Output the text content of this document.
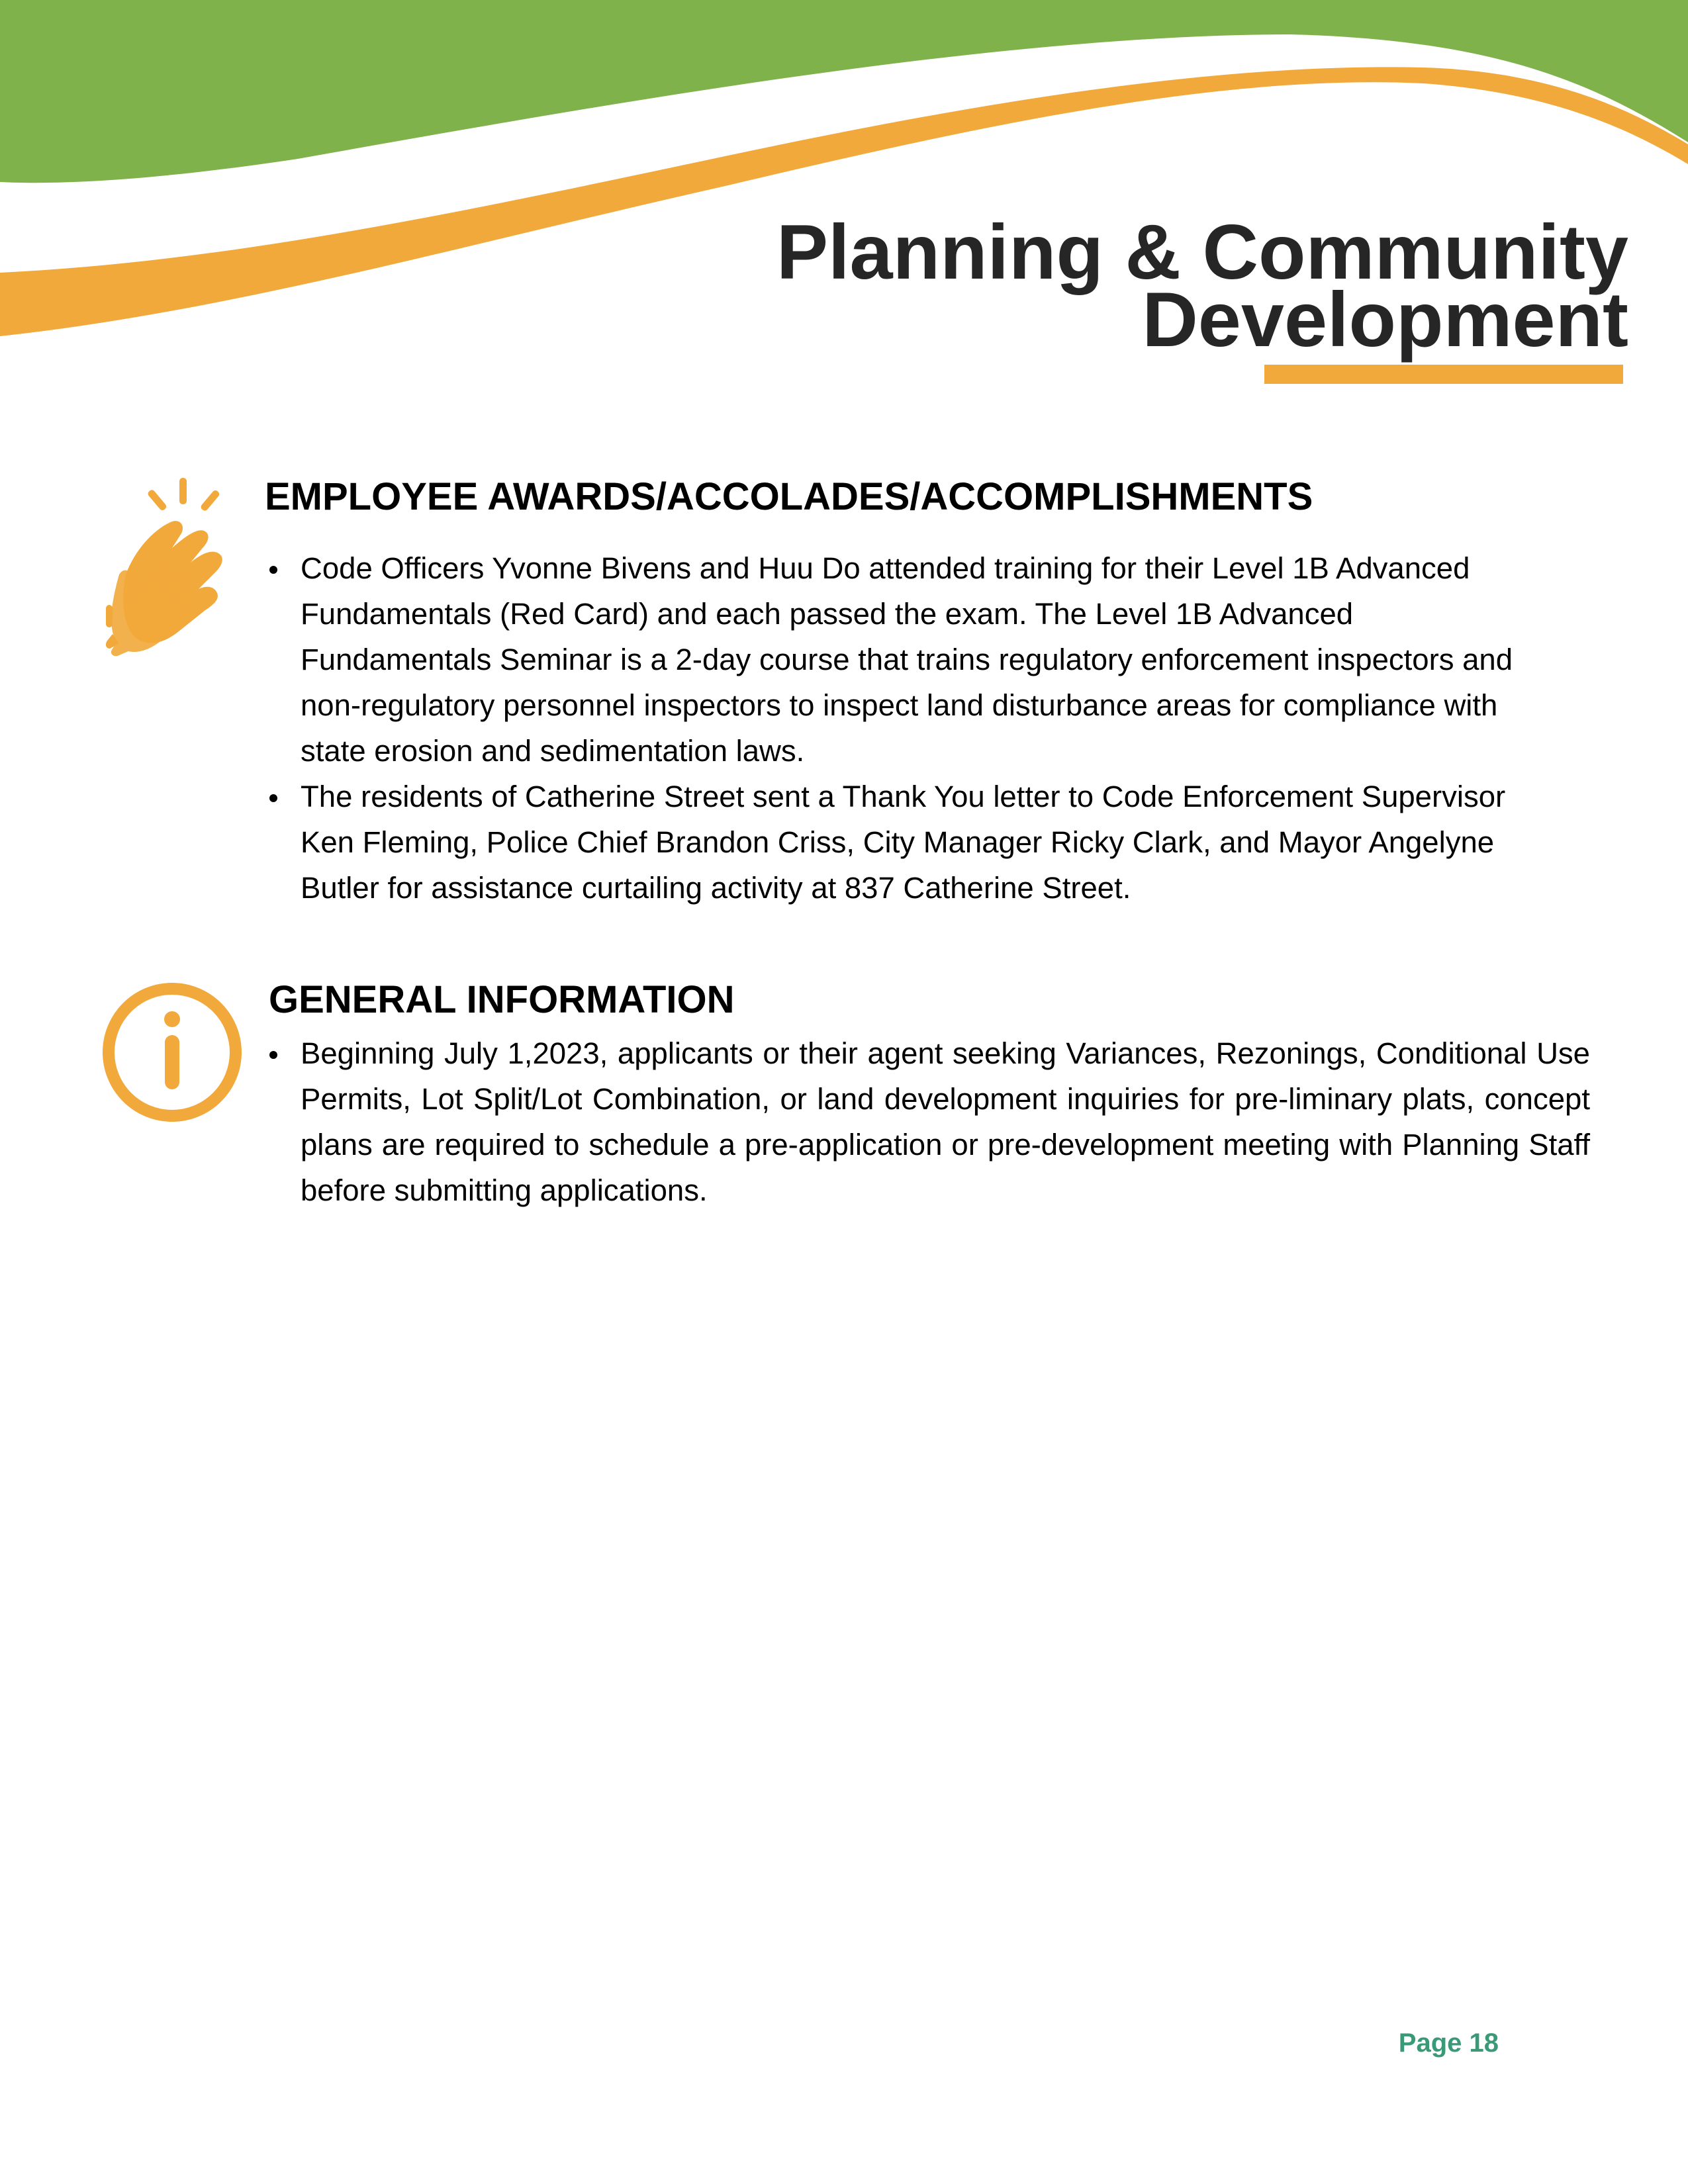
Planning & Community
Development
EMPLOYEE AWARDS/ACCOLADES/ACCOMPLISHMENTS
Code Officers Yvonne Bivens and Huu Do attended training for their Level 1B Advanced Fundamentals (Red Card) and each passed the exam. The Level 1B Advanced Fundamentals Seminar is a 2-day course that trains regulatory enforcement inspectors and non-regulatory personnel inspectors to inspect land disturbance areas for compliance with state erosion and sedimentation laws.
The residents of Catherine Street sent a Thank You letter to Code Enforcement Supervisor Ken Fleming, Police Chief Brandon Criss, City Manager Ricky Clark, and Mayor Angelyne Butler for assistance curtailing activity at 837 Catherine Street.
GENERAL INFORMATION
Beginning July 1,2023, applicants or their agent seeking Variances, Rezonings, Conditional Use Permits, Lot Split/Lot Combination, or land development inquiries for pre-liminary plats, concept plans are required to schedule a pre-application or pre-development meeting with Planning Staff before submitting applications.
Page 18
